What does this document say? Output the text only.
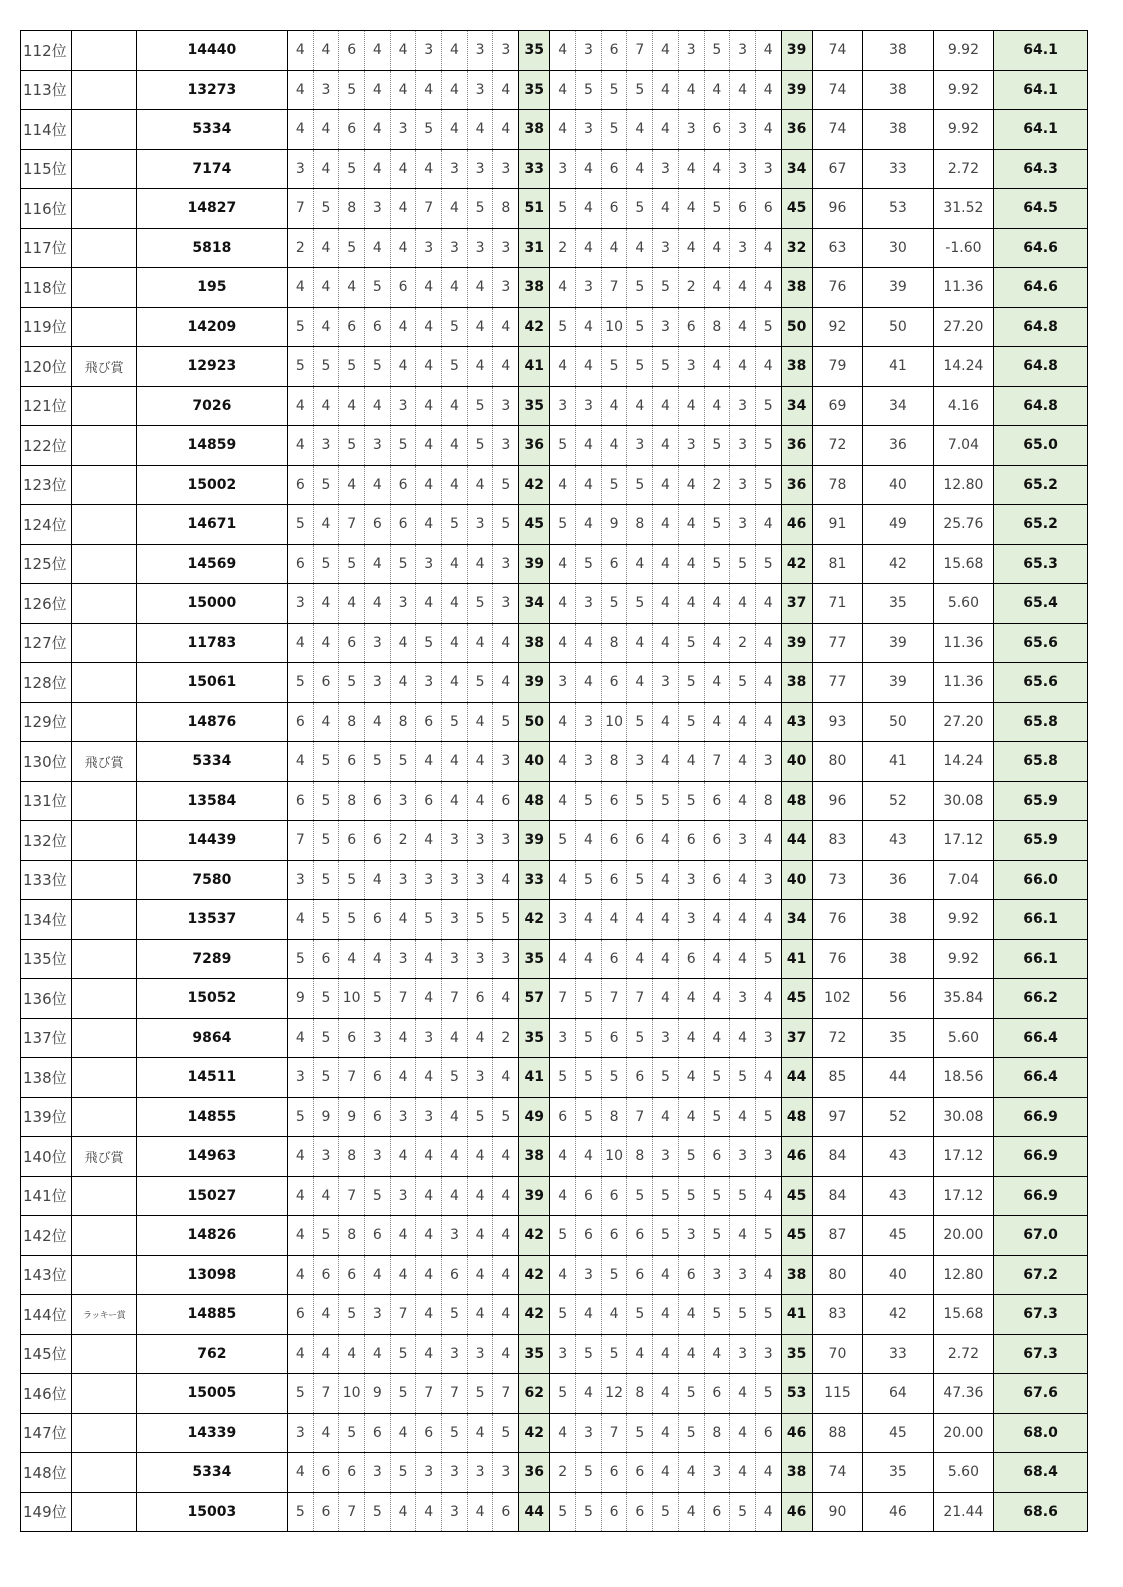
112位		14440	4	4	6	4	4	3	4	3	3	35	4	3	6	7	4	3	5	3	4	39	74	38	9.92	64.1
113位		13273	4	3	5	4	4	4	4	3	4	35	4	5	5	5	4	4	4	4	4	39	74	38	9.92	64.1
114位		5334	4	4	6	4	3	5	4	4	4	38	4	3	5	4	4	3	6	3	4	36	74	38	9.92	64.1
115位		7174	3	4	5	4	4	4	3	3	3	33	3	4	6	4	3	4	4	3	3	34	67	33	2.72	64.3
116位		14827	7	5	8	3	4	7	4	5	8	51	5	4	6	5	4	4	5	6	6	45	96	53	31.52	64.5
117位		5818	2	4	5	4	4	3	3	3	3	31	2	4	4	4	3	4	4	3	4	32	63	30	-1.60	64.6
118位		195	4	4	4	5	6	4	4	4	3	38	4	3	7	5	5	2	4	4	4	38	76	39	11.36	64.6
119位		14209	5	4	6	6	4	4	5	4	4	42	5	4	10	5	3	6	8	4	5	50	92	50	27.20	64.8
120位	飛び賞	12923	5	5	5	5	4	4	5	4	4	41	4	4	5	5	5	3	4	4	4	38	79	41	14.24	64.8
121位		7026	4	4	4	4	3	4	4	5	3	35	3	3	4	4	4	4	4	3	5	34	69	34	4.16	64.8
122位		14859	4	3	5	3	5	4	4	5	3	36	5	4	4	3	4	3	5	3	5	36	72	36	7.04	65.0
123位		15002	6	5	4	4	6	4	4	4	5	42	4	4	5	5	4	4	2	3	5	36	78	40	12.80	65.2
124位		14671	5	4	7	6	6	4	5	3	5	45	5	4	9	8	4	4	5	3	4	46	91	49	25.76	65.2
125位		14569	6	5	5	4	5	3	4	4	3	39	4	5	6	4	4	4	5	5	5	42	81	42	15.68	65.3
126位		15000	3	4	4	4	3	4	4	5	3	34	4	3	5	5	4	4	4	4	4	37	71	35	5.60	65.4
127位		11783	4	4	6	3	4	5	4	4	4	38	4	4	8	4	4	5	4	2	4	39	77	39	11.36	65.6
128位		15061	5	6	5	3	4	3	4	5	4	39	3	4	6	4	3	5	4	5	4	38	77	39	11.36	65.6
129位		14876	6	4	8	4	8	6	5	4	5	50	4	3	10	5	4	5	4	4	4	43	93	50	27.20	65.8
130位	飛び賞	5334	4	5	6	5	5	4	4	4	3	40	4	3	8	3	4	4	7	4	3	40	80	41	14.24	65.8
131位		13584	6	5	8	6	3	6	4	4	6	48	4	5	6	5	5	5	6	4	8	48	96	52	30.08	65.9
132位		14439	7	5	6	6	2	4	3	3	3	39	5	4	6	6	4	6	6	3	4	44	83	43	17.12	65.9
133位		7580	3	5	5	4	3	3	3	3	4	33	4	5	6	5	4	3	6	4	3	40	73	36	7.04	66.0
134位		13537	4	5	5	6	4	5	3	5	5	42	3	4	4	4	4	3	4	4	4	34	76	38	9.92	66.1
135位		7289	5	6	4	4	3	4	3	3	3	35	4	4	6	4	4	6	4	4	5	41	76	38	9.92	66.1
136位		15052	9	5	10	5	7	4	7	6	4	57	7	5	7	7	4	4	4	3	4	45	102	56	35.84	66.2
137位		9864	4	5	6	3	4	3	4	4	2	35	3	5	6	5	3	4	4	4	3	37	72	35	5.60	66.4
138位		14511	3	5	7	6	4	4	5	3	4	41	5	5	5	6	5	4	5	5	4	44	85	44	18.56	66.4
139位		14855	5	9	9	6	3	3	4	5	5	49	6	5	8	7	4	4	5	4	5	48	97	52	30.08	66.9
140位	飛び賞	14963	4	3	8	3	4	4	4	4	4	38	4	4	10	8	3	5	6	3	3	46	84	43	17.12	66.9
141位		15027	4	4	7	5	3	4	4	4	4	39	4	6	6	5	5	5	5	5	4	45	84	43	17.12	66.9
142位		14826	4	5	8	6	4	4	3	4	4	42	5	6	6	6	5	3	5	4	5	45	87	45	20.00	67.0
143位		13098	4	6	6	4	4	4	6	4	4	42	4	3	5	6	4	6	3	3	4	38	80	40	12.80	67.2
144位	ラッキー賞	14885	6	4	5	3	7	4	5	4	4	42	5	4	4	5	4	4	5	5	5	41	83	42	15.68	67.3
145位		762	4	4	4	4	5	4	3	3	4	35	3	5	5	4	4	4	4	3	3	35	70	33	2.72	67.3
146位		15005	5	7	10	9	5	7	7	5	7	62	5	4	12	8	4	5	6	4	5	53	115	64	47.36	67.6
147位		14339	3	4	5	6	4	6	5	4	5	42	4	3	7	5	4	5	8	4	6	46	88	45	20.00	68.0
148位		5334	4	6	6	3	5	3	3	3	3	36	2	5	6	6	4	4	3	4	4	38	74	35	5.60	68.4
149位		15003	5	6	7	5	4	4	3	4	6	44	5	5	6	6	5	4	6	5	4	46	90	46	21.44	68.6
